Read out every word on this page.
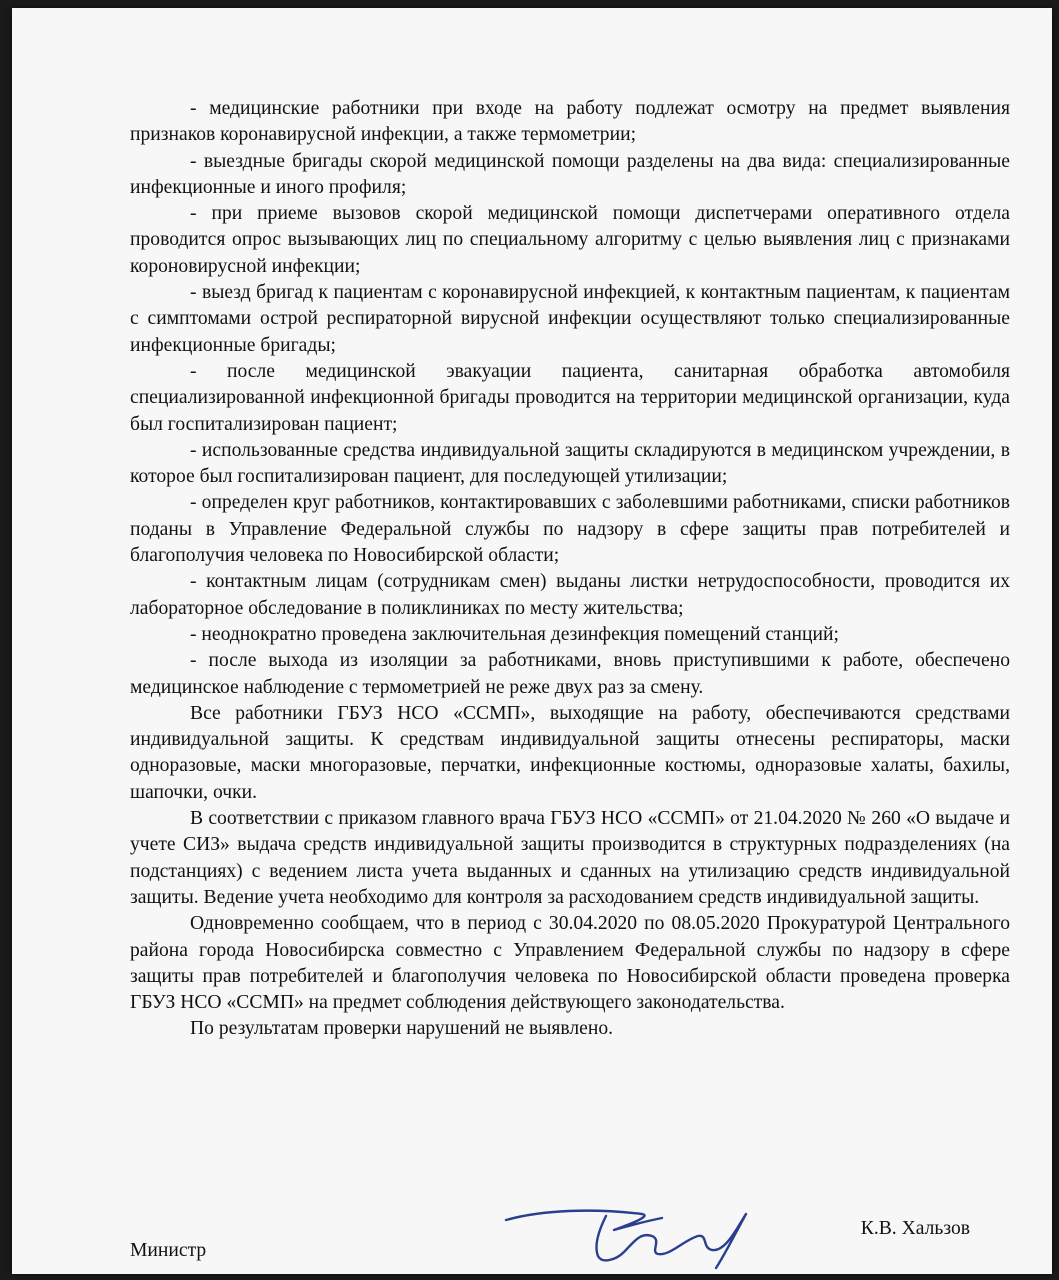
- медицинские работники при входе на работу подлежат осмотру на предмет выявления признаков коронавирусной инфекции, а также термометрии;

- выездные бригады скорой медицинской помощи разделены на два вида: специализированные инфекционные и иного профиля;

- при приеме вызовов скорой медицинской помощи диспетчерами оперативного отдела проводится опрос вызывающих лиц по специальному алгоритму с целью выявления лиц с признаками короновирусной инфекции;

- выезд бригад к пациентам с коронавирусной инфекцией, к контактным пациентам, к пациентам с симптомами острой респираторной вирусной инфекции осуществляют только специализированные инфекционные бригады;

- после медицинской эвакуации пациента, санитарная обработка автомобиля специализированной инфекционной бригады проводится на территории медицинской организации, куда был госпитализирован пациент;

- использованные средства индивидуальной защиты складируются в медицинском учреждении, в которое был госпитализирован пациент, для последующей утилизации;

- определен круг работников, контактировавших с заболевшими работниками, списки работников поданы в Управление Федеральной службы по надзору в сфере защиты прав потребителей и благополучия человека по Новосибирской области;

- контактным лицам (сотрудникам смен) выданы листки нетрудоспособности, проводится их лабораторное обследование в поликлиниках по месту жительства;

- неоднократно проведена заключительная дезинфекция помещений станций;

- после выхода из изоляции за работниками, вновь приступившими к работе, обеспечено медицинское наблюдение с термометрией не реже двух раз за смену.

Все работники ГБУЗ НСО «ССМП», выходящие на работу, обеспечиваются средствами индивидуальной защиты. К средствам индивидуальной защиты отнесены респираторы, маски одноразовые, маски многоразовые, перчатки, инфекционные костюмы, одноразовые халаты, бахилы, шапочки, очки.

В соответствии с приказом главного врача ГБУЗ НСО «ССМП» от 21.04.2020 № 260 «О выдаче и учете СИЗ» выдача средств индивидуальной защиты производится в структурных подразделениях (на подстанциях) с ведением листа учета выданных и сданных на утилизацию средств индивидуальной защиты. Ведение учета необходимо для контроля за расходованием средств индивидуальной защиты.

Одновременно сообщаем, что в период с 30.04.2020 по 08.05.2020 Прокуратурой Центрального района города Новосибирска совместно с Управлением Федеральной службы по надзору в сфере защиты прав потребителей и благополучия человека по Новосибирской области проведена проверка ГБУЗ НСО «ССМП» на предмет соблюдения действующего законодательства.

По результатам проверки нарушений не выявлено.

Министр
К.В. Хальзов
